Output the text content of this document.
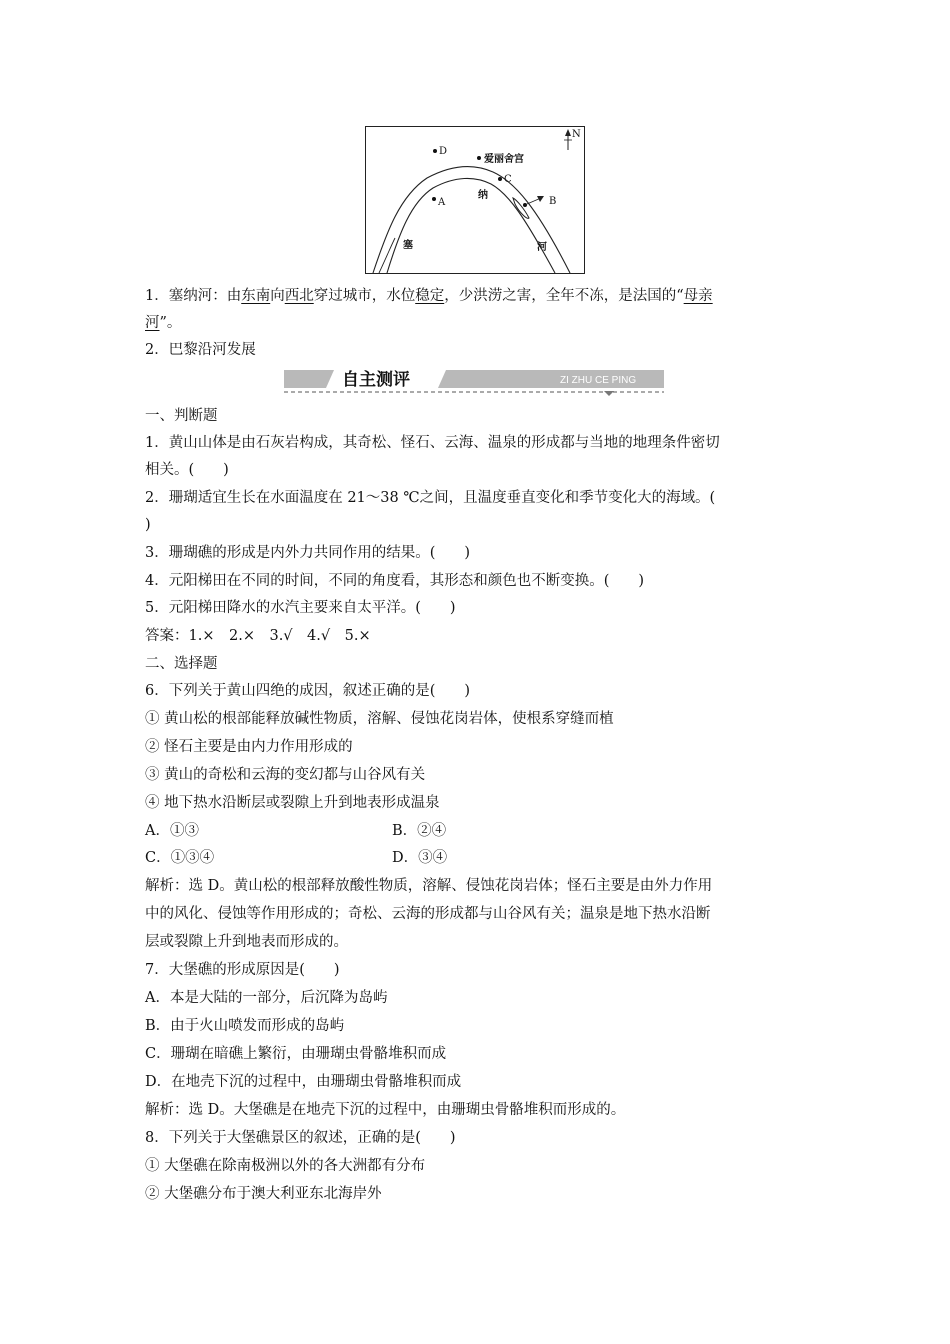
N
D
爱丽舍宫
C
A
纳
B
塞	河
1．塞纳河：由东南向西北穿过城市，水位稳定，少洪涝之害，全年不冻，是法国的“母亲
河”。
2．巴黎沿河发展
自主测评	ZI ZHU CE PING
一、判断题
1．黄山山体是由石灰岩构成，其奇松、怪石、云海、温泉的形成都与当地的地理条件密切
相关。(　　)
2．珊瑚适宜生长在水面温度在 21～38 ℃之间，且温度垂直变化和季节变化大的海域。(
)
3．珊瑚礁的形成是内外力共同作用的结果。(　　)
4．元阳梯田在不同的时间，不同的角度看，其形态和颜色也不断变换。(　　)
5．元阳梯田降水的水汽主要来自太平洋。(　　)
答案：1.×　2.×　3.√　4.√　5.×
二、选择题
6．下列关于黄山四绝的成因，叙述正确的是(　　)
① 黄山松的根部能释放碱性物质，溶解、侵蚀花岗岩体，使根系穿缝而植
② 怪石主要是由内力作用形成的
③ 黄山的奇松和云海的变幻都与山谷风有关
④ 地下热水沿断层或裂隙上升到地表形成温泉
A．①③	B．②④
C．①③④	D．③④
解析：选 D。黄山松的根部释放酸性物质，溶解、侵蚀花岗岩体；怪石主要是由外力作用
中的风化、侵蚀等作用形成的；奇松、云海的形成都与山谷风有关；温泉是地下热水沿断
层或裂隙上升到地表而形成的。
7．大堡礁的形成原因是(　　)
A．本是大陆的一部分，后沉降为岛屿
B．由于火山喷发而形成的岛屿
C．珊瑚在暗礁上繁衍，由珊瑚虫骨骼堆积而成
D．在地壳下沉的过程中，由珊瑚虫骨骼堆积而成
解析：选 D。大堡礁是在地壳下沉的过程中，由珊瑚虫骨骼堆积而形成的。
8．下列关于大堡礁景区的叙述，正确的是(　　)
① 大堡礁在除南极洲以外的各大洲都有分布
② 大堡礁分布于澳大利亚东北海岸外
